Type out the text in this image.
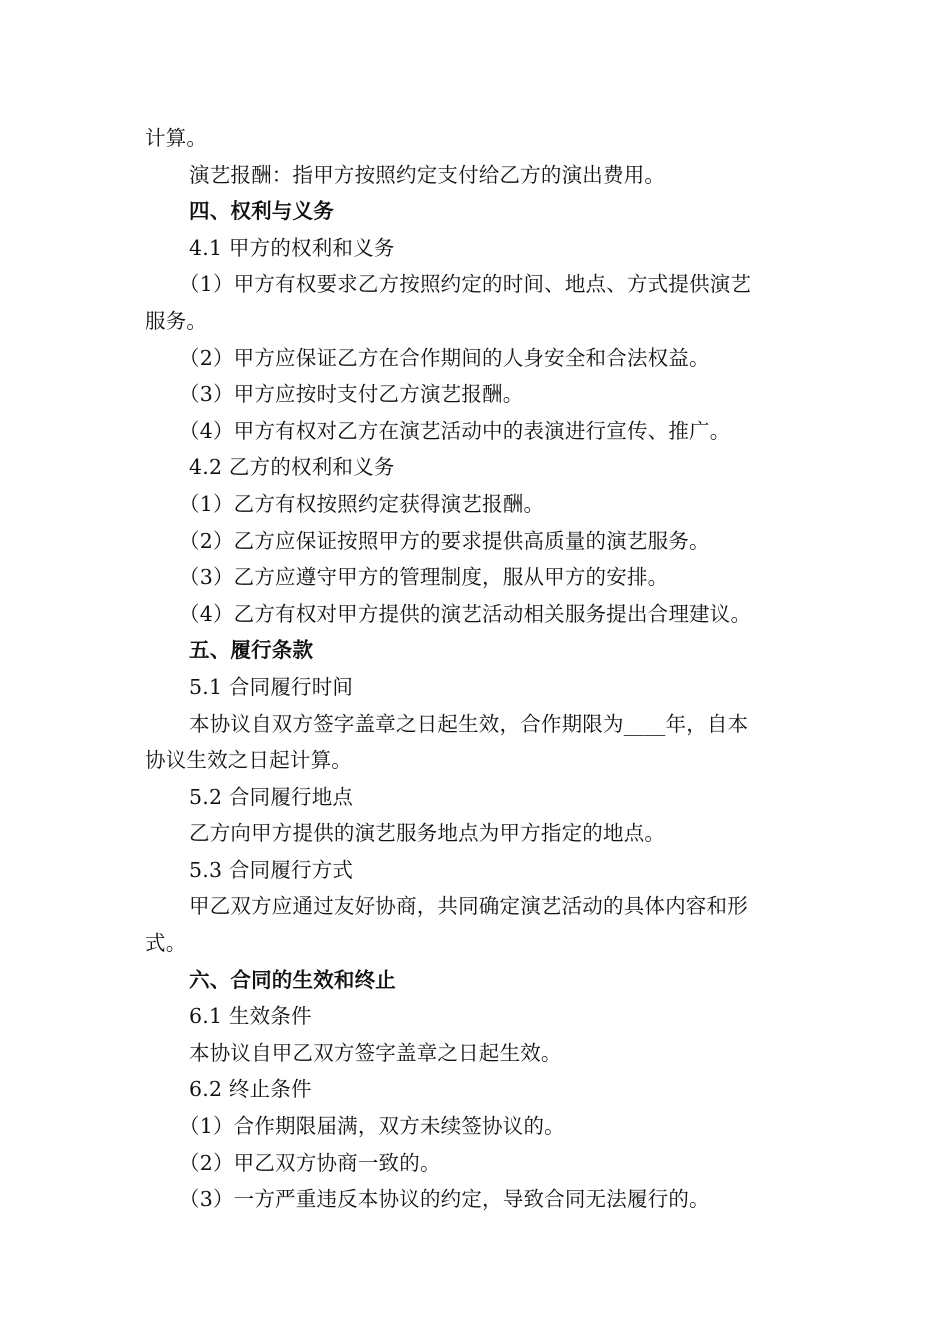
计算。
演艺报酬：指甲方按照约定支付给乙方的演出费用。
四、权利与义务
4.1 甲方的权利和义务
（1）甲方有权要求乙方按照约定的时间、地点、方式提供演艺
服务。
（2）甲方应保证乙方在合作期间的人身安全和合法权益。
（3）甲方应按时支付乙方演艺报酬。
（4）甲方有权对乙方在演艺活动中的表演进行宣传、推广。
4.2 乙方的权利和义务
（1）乙方有权按照约定获得演艺报酬。
（2）乙方应保证按照甲方的要求提供高质量的演艺服务。
（3）乙方应遵守甲方的管理制度，服从甲方的安排。
（4）乙方有权对甲方提供的演艺活动相关服务提出合理建议。
五、履行条款
5.1 合同履行时间
本协议自双方签字盖章之日起生效，合作期限为____年，自本
协议生效之日起计算。
5.2 合同履行地点
乙方向甲方提供的演艺服务地点为甲方指定的地点。
5.3 合同履行方式
甲乙双方应通过友好协商，共同确定演艺活动的具体内容和形
式。
六、合同的生效和终止
6.1 生效条件
本协议自甲乙双方签字盖章之日起生效。
6.2 终止条件
（1）合作期限届满，双方未续签协议的。
（2）甲乙双方协商一致的。
（3）一方严重违反本协议的约定，导致合同无法履行的。
